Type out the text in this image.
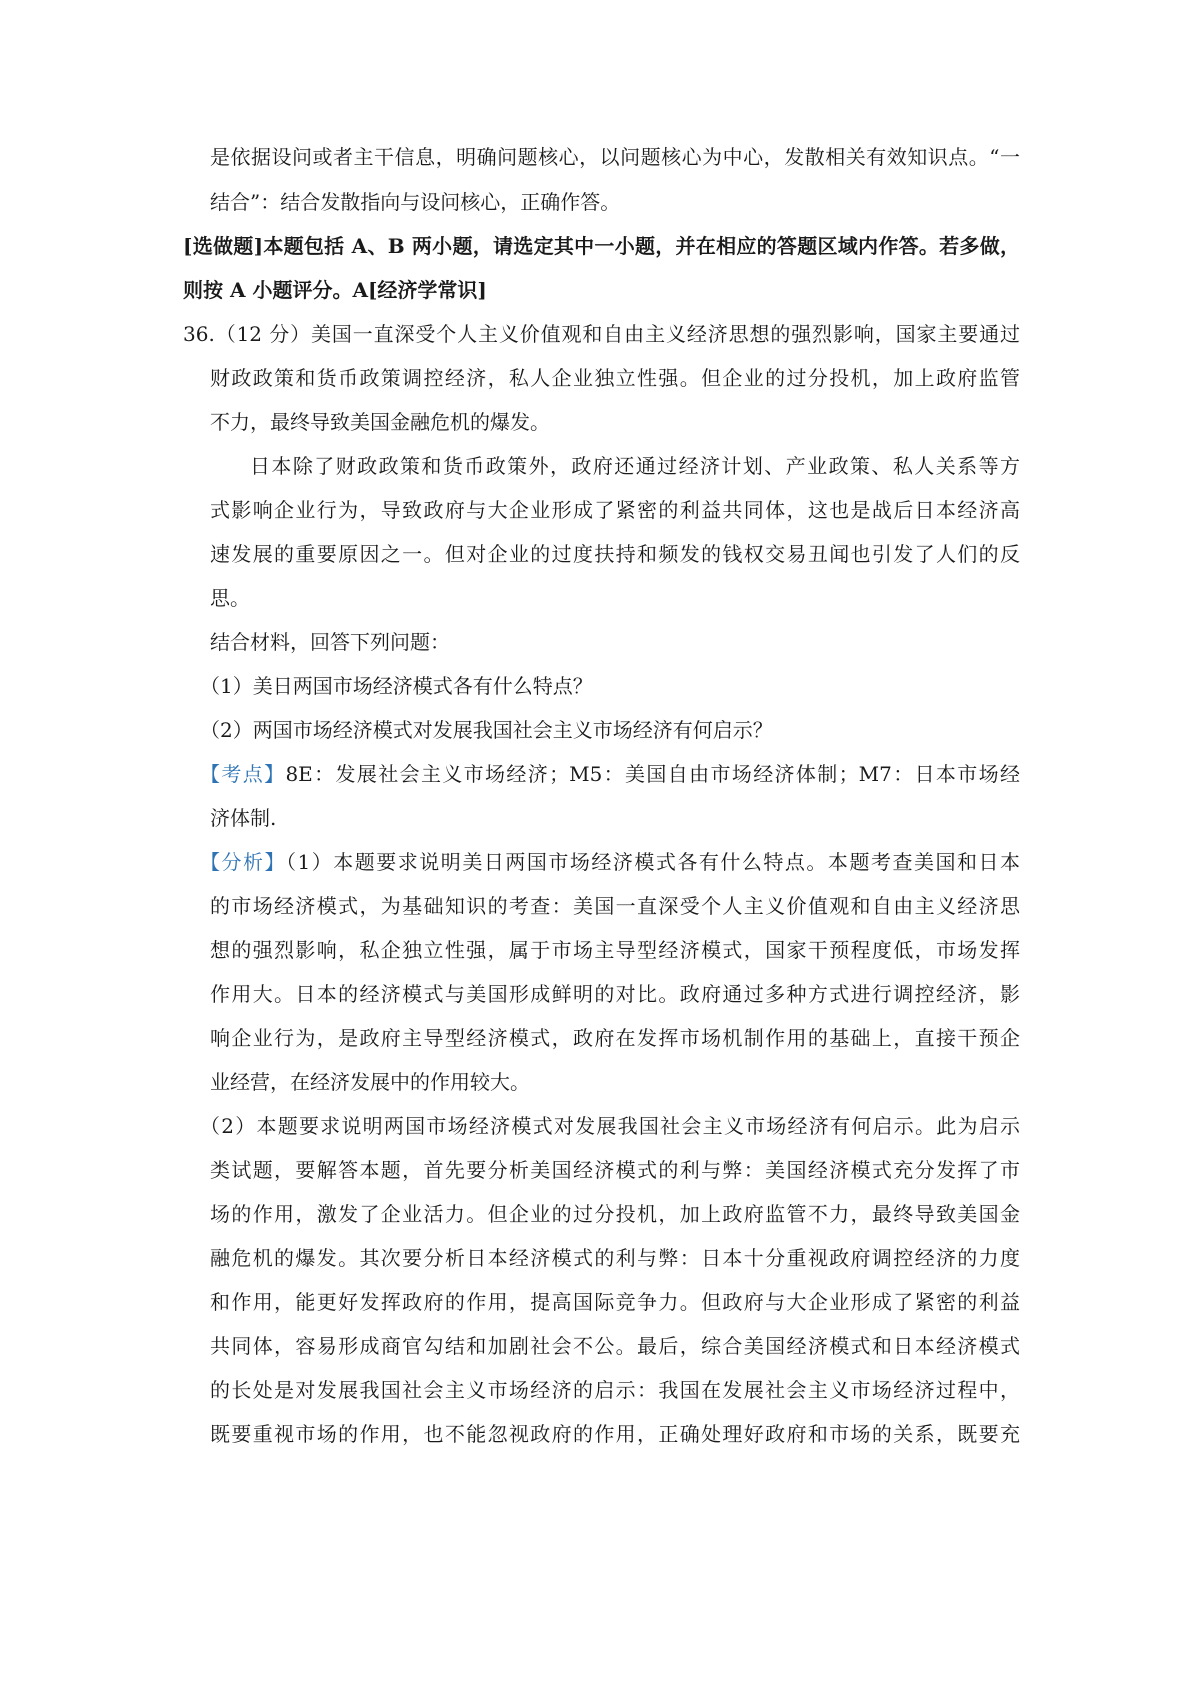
是依据设问或者主干信息，明确问题核心，以问题核心为中心，发散相关有效知识点。“一
结合”：结合发散指向与设问核心，正确作答。
[选做题]本题包括 A、B 两小题，请选定其中一小题，并在相应的答题区域内作答。若多做，
则按 A 小题评分。A[经济学常识]
36.（12 分）美国一直深受个人主义价值观和自由主义经济思想的强烈影响，国家主要通过
财政政策和货币政策调控经济，私人企业独立性强。但企业的过分投机，加上政府监管
不力，最终导致美国金融危机的爆发。
日本除了财政政策和货币政策外，政府还通过经济计划、产业政策、私人关系等方
式影响企业行为，导致政府与大企业形成了紧密的利益共同体，这也是战后日本经济高
速发展的重要原因之一。但对企业的过度扶持和频发的钱权交易丑闻也引发了人们的反
思。
结合材料，回答下列问题：
（1）美日两国市场经济模式各有什么特点？
（2）两国市场经济模式对发展我国社会主义市场经济有何启示？
【考点】8E：发展社会主义市场经济；M5：美国自由市场经济体制；M7：日本市场经
济体制.
【分析】（1）本题要求说明美日两国市场经济模式各有什么特点。本题考查美国和日本
的市场经济模式，为基础知识的考查：美国一直深受个人主义价值观和自由主义经济思
想的强烈影响，私企独立性强，属于市场主导型经济模式，国家干预程度低，市场发挥
作用大。日本的经济模式与美国形成鲜明的对比。政府通过多种方式进行调控经济，影
响企业行为，是政府主导型经济模式，政府在发挥市场机制作用的基础上，直接干预企
业经营，在经济发展中的作用较大。
（2）本题要求说明两国市场经济模式对发展我国社会主义市场经济有何启示。此为启示
类试题，要解答本题，首先要分析美国经济模式的利与弊：美国经济模式充分发挥了市
场的作用，激发了企业活力。但企业的过分投机，加上政府监管不力，最终导致美国金
融危机的爆发。其次要分析日本经济模式的利与弊：日本十分重视政府调控经济的力度
和作用，能更好发挥政府的作用，提高国际竞争力。但政府与大企业形成了紧密的利益
共同体，容易形成商官勾结和加剧社会不公。最后，综合美国经济模式和日本经济模式
的长处是对发展我国社会主义市场经济的启示：我国在发展社会主义市场经济过程中，
既要重视市场的作用，也不能忽视政府的作用，正确处理好政府和市场的关系，既要充
